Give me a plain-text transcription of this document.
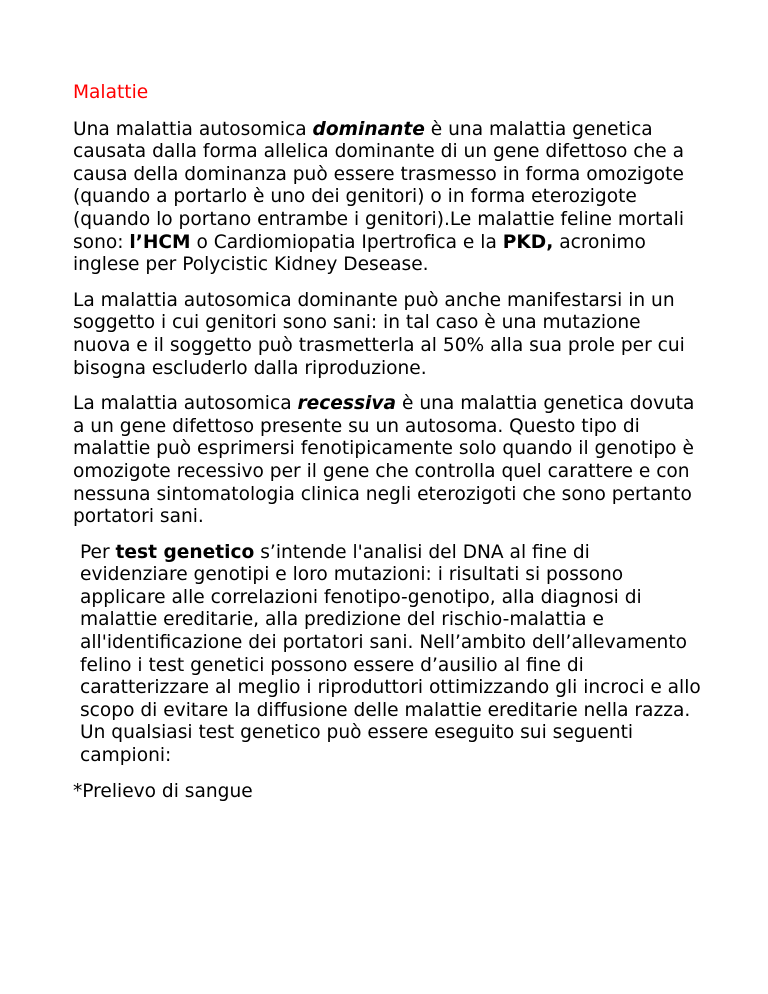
Malattie
Una malattia autosomica dominante è una malattia genetica causata dalla forma allelica dominante di un gene difettoso che a causa della dominanza può essere trasmesso in forma omozigote (quando a portarlo è uno dei genitori) o in forma eterozigote (quando lo portano entrambe i genitori).Le malattie feline mortali sono: l’HCM o Cardiomiopatia Ipertrofica e la PKD, acronimo inglese per Polycistic Kidney Desease.
La malattia autosomica dominante può anche manifestarsi in un soggetto i cui genitori sono sani: in tal caso è una mutazione nuova e il soggetto può trasmetterla al 50% alla sua prole per cui bisogna escluderlo dalla riproduzione.
La malattia autosomica recessiva è una malattia genetica dovuta a un gene difettoso presente su un autosoma. Questo tipo di malattie può esprimersi fenotipicamente solo quando il genotipo è omozigote recessivo per il gene che controlla quel carattere e con nessuna sintomatologia clinica negli eterozigoti che sono pertanto portatori sani.
Per test genetico s’intende l'analisi del DNA al fine di evidenziare genotipi e loro mutazioni: i risultati si possono applicare alle correlazioni fenotipo-genotipo, alla diagnosi di malattie ereditarie, alla predizione del rischio-malattia e all'identificazione dei portatori sani. Nell’ambito dell’allevamento felino i test genetici possono essere d’ausilio al fine di caratterizzare al meglio i riproduttori ottimizzando gli incroci e allo scopo di evitare la diffusione delle malattie ereditarie nella razza. Un qualsiasi test genetico può essere eseguito sui seguenti campioni:
*Prelievo di sangue
